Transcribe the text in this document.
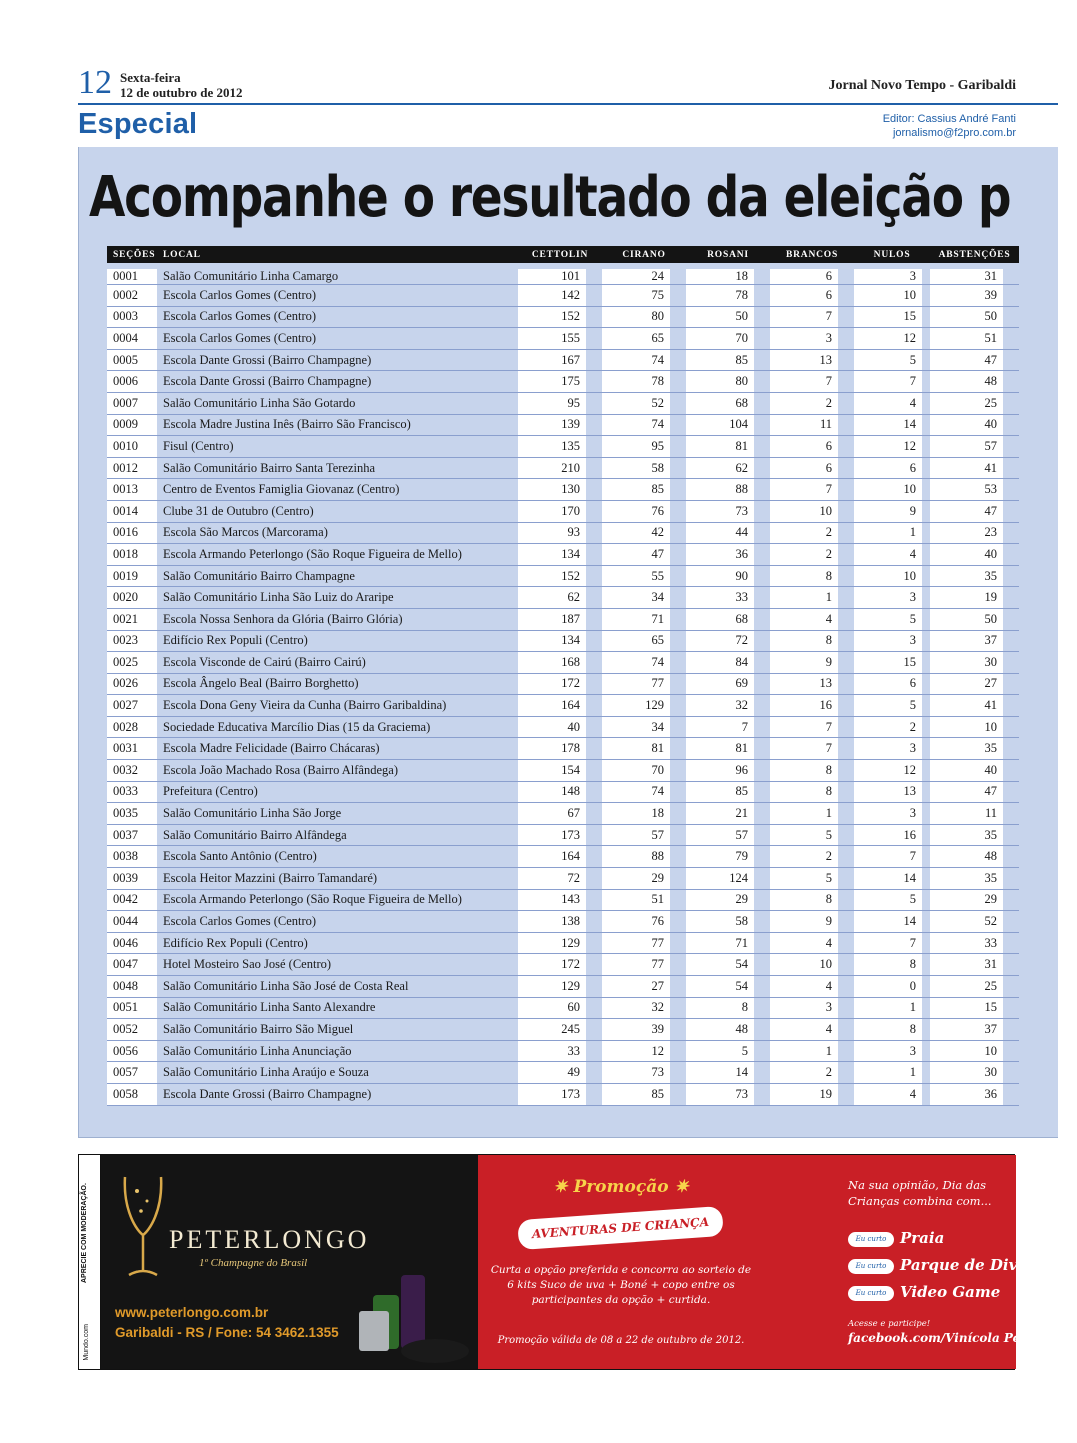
12 Sexta-feira
12 de outubro de 2012	Jornal Novo Tempo - Garibaldi
Especial	Editor: Cassius André Fanti
jornalismo@f2pro.com.br
Acompanhe o resultado da eleição p
SEÇÕES	LOCAL	CETTOLIN		CIRANO		ROSANI		BRANCOS		NULOS		ABSTENÇÕES	
0001	Salão Comunitário Linha Camargo	101		24		18		6		3		31	
0002	Escola Carlos Gomes (Centro)	142		75		78		6		10		39	
0003	Escola Carlos Gomes (Centro)	152		80		50		7		15		50	
0004	Escola Carlos Gomes (Centro)	155		65		70		3		12		51	
0005	Escola Dante Grossi (Bairro Champagne)	167		74		85		13		5		47	
0006	Escola Dante Grossi (Bairro Champagne)	175		78		80		7		7		48	
0007	Salão Comunitário Linha São Gotardo	95		52		68		2		4		25	
0009	Escola Madre Justina Inês (Bairro São Francisco)	139		74		104		11		14		40	
0010	Fisul (Centro)	135		95		81		6		12		57	
0012	Salão Comunitário Bairro Santa Terezinha	210		58		62		6		6		41	
0013	Centro de Eventos Famiglia Giovanaz (Centro)	130		85		88		7		10		53	
0014	Clube 31 de Outubro (Centro)	170		76		73		10		9		47	
0016	Escola São Marcos (Marcorama)	93		42		44		2		1		23	
0018	Escola Armando Peterlongo (São Roque Figueira de Mello)	134		47		36		2		4		40	
0019	Salão Comunitário Bairro Champagne	152		55		90		8		10		35	
0020	Salão Comunitário Linha São Luiz do Araripe	62		34		33		1		3		19	
0021	Escola Nossa Senhora da Glória (Bairro Glória)	187		71		68		4		5		50	
0023	Edifício Rex Populi (Centro)	134		65		72		8		3		37	
0025	Escola Visconde de Cairú (Bairro Cairú)	168		74		84		9		15		30	
0026	Escola Ângelo Beal (Bairro Borghetto)	172		77		69		13		6		27	
0027	Escola Dona Geny Vieira da Cunha (Bairro Garibaldina)	164		129		32		16		5		41	
0028	Sociedade Educativa Marcílio Dias (15 da Graciema)	40		34		7		7		2		10	
0031	Escola Madre Felicidade (Bairro Chácaras)	178		81		81		7		3		35	
0032	Escola João Machado Rosa (Bairro Alfândega)	154		70		96		8		12		40	
0033	Prefeitura (Centro)	148		74		85		8		13		47	
0035	Salão Comunitário Linha São Jorge	67		18		21		1		3		11	
0037	Salão Comunitário Bairro Alfândega	173		57		57		5		16		35	
0038	Escola Santo Antônio (Centro)	164		88		79		2		7		48	
0039	Escola Heitor Mazzini (Bairro Tamandaré)	72		29		124		5		14		35	
0042	Escola Armando Peterlongo (São Roque Figueira de Mello)	143		51		29		8		5		29	
0044	Escola Carlos Gomes (Centro)	138		76		58		9		14		52	
0046	Edifício Rex Populi (Centro)	129		77		71		4		7		33	
0047	Hotel Mosteiro Sao José (Centro)	172		77		54		10		8		31	
0048	Salão Comunitário Linha São José de Costa Real	129		27		54		4		0		25	
0051	Salão Comunitário Linha Santo Alexandre	60		32		8		3		1		15	
0052	Salão Comunitário Bairro São Miguel	245		39		48		4		8		37	
0056	Salão Comunitário Linha Anunciação	33		12		5		1		3		10	
0057	Salão Comunitário Linha Araújo e Souza	49		73		14		2		1		30	
0058	Escola Dante Grossi (Bairro Champagne)	173		85		73		19		4		36	
APRECIE COM MODERAÇÃO.
Mundo.com
PETERLONGO
1º Champagne do Brasil
www.peterlongo.com.br
Garibaldi - RS / Fone: 54 3462.1355
✷ Promoção ✷
AVENTURAS DE CRIANÇA
Curta a opção preferida e concorra ao sorteio de 6 kits Suco de uva + Boné + copo entre os participantes da opção + curtida.
Promoção válida de 08 a 22 de outubro de 2012.
Na sua opinião, Dia das Crianças combina com...
Eu curto Praia
Eu curto Parque de Diversões
Eu curto Video Game
Acesse e participe!
facebook.com/Vinícola Peterlongo
